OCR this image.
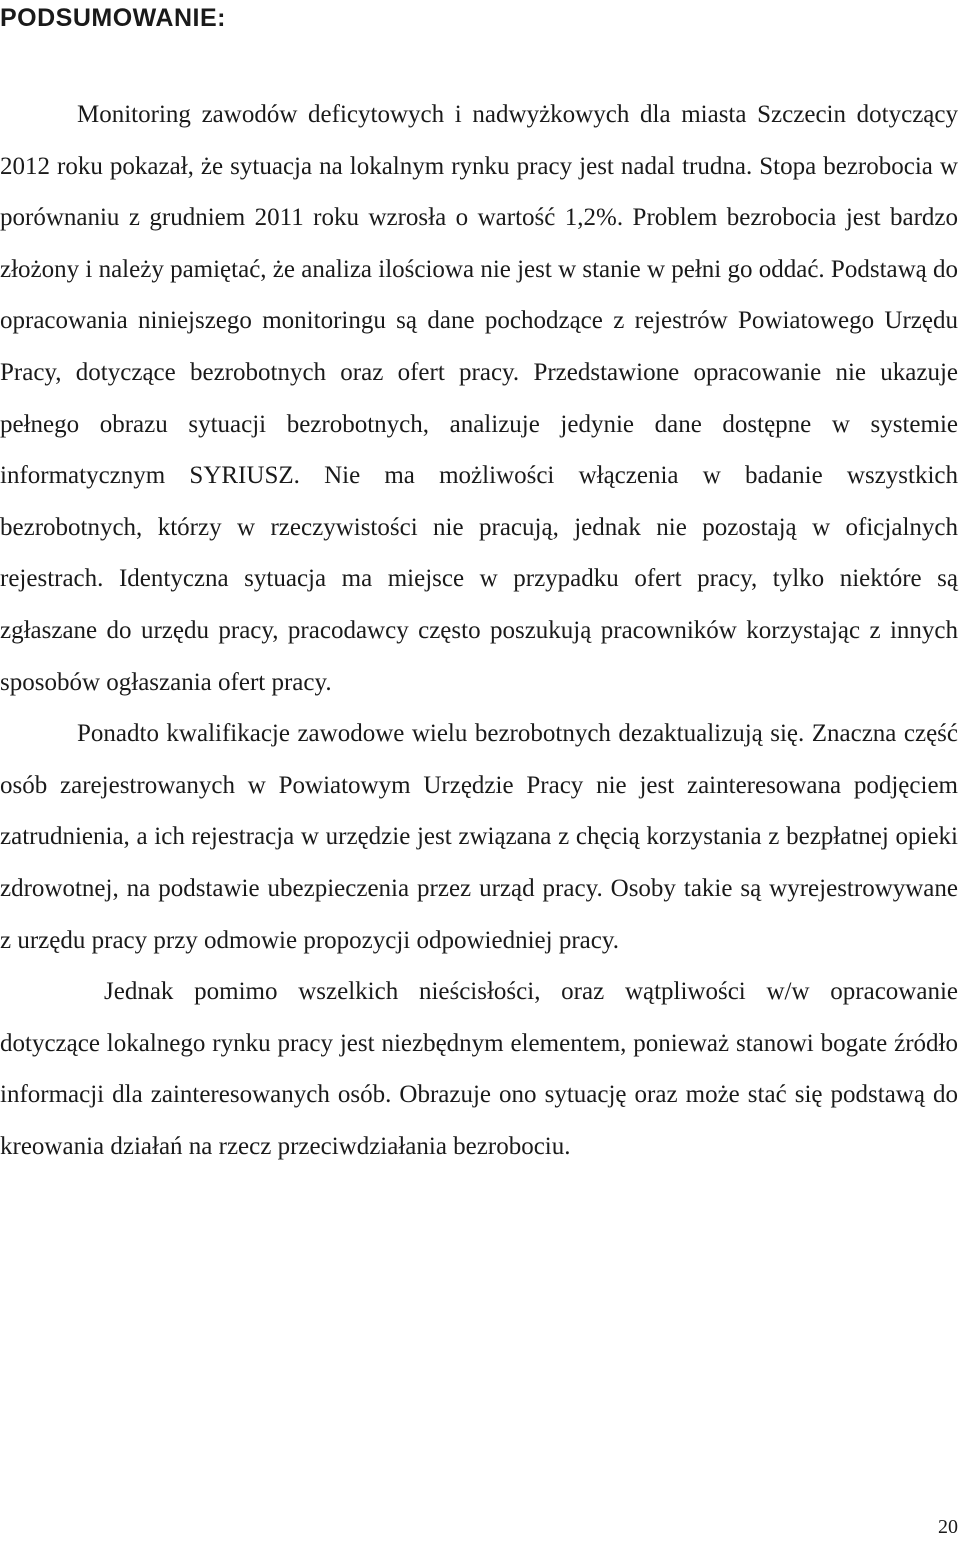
PODSUMOWANIE:

Monitoring zawodów deficytowych i nadwyżkowych dla miasta Szczecin dotyczący 2012 roku pokazał, że sytuacja na lokalnym rynku pracy jest nadal trudna. Stopa bezrobocia w porównaniu z grudniem 2011 roku wzrosła o wartość 1,2%. Problem bezrobocia jest bardzo złożony i należy pamiętać, że analiza ilościowa nie jest w stanie w pełni go oddać. Podstawą do opracowania niniejszego monitoringu są dane pochodzące z rejestrów Powiatowego Urzędu Pracy, dotyczące bezrobotnych oraz ofert pracy. Przedstawione opracowanie nie ukazuje pełnego obrazu sytuacji bezrobotnych, analizuje jedynie dane dostępne w systemie informatycznym SYRIUSZ. Nie ma możliwości włączenia w badanie wszystkich bezrobotnych, którzy w rzeczywistości nie pracują, jednak nie pozostają w oficjalnych rejestrach. Identyczna sytuacja ma miejsce w przypadku ofert pracy, tylko niektóre są zgłaszane do urzędu pracy, pracodawcy często poszukują pracowników korzystając z innych sposobów ogłaszania ofert pracy.

Ponadto kwalifikacje zawodowe wielu bezrobotnych dezaktualizują się. Znaczna część osób zarejestrowanych w Powiatowym Urzędzie Pracy nie jest zainteresowana podjęciem zatrudnienia, a ich rejestracja w urzędzie jest związana z chęcią korzystania z bezpłatnej opieki zdrowotnej, na podstawie ubezpieczenia przez urząd pracy. Osoby takie są wyrejestrowywane z urzędu pracy przy odmowie propozycji odpowiedniej pracy.

Jednak pomimo wszelkich nieścisłości, oraz wątpliwości w/w opracowanie dotyczące lokalnego rynku pracy jest niezbędnym elementem, ponieważ stanowi bogate źródło informacji dla zainteresowanych osób. Obrazuje ono sytuację oraz może stać się podstawą do kreowania działań na rzecz przeciwdziałania bezrobociu.

20
